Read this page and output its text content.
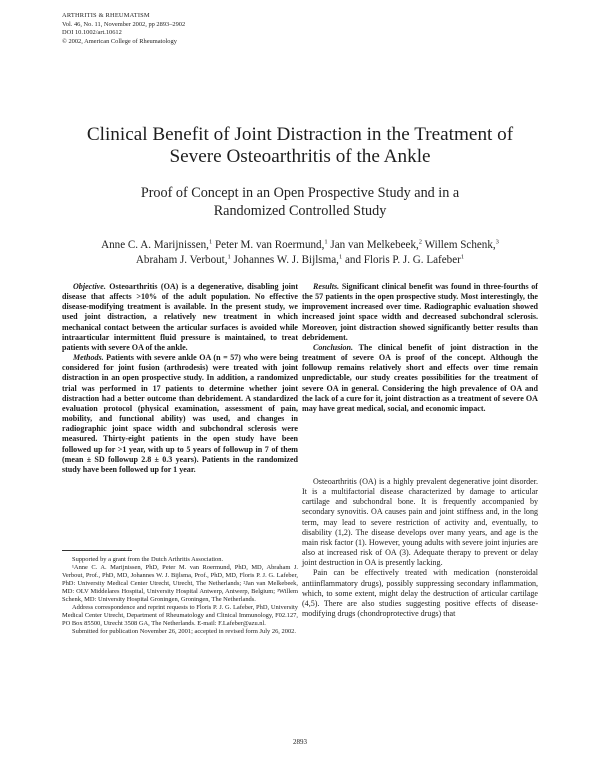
ARTHRITIS & RHEUMATISM
Vol. 46, No. 11, November 2002, pp 2893–2902
DOI 10.1002/art.10612
© 2002, American College of Rheumatology
Clinical Benefit of Joint Distraction in the Treatment of
Severe Osteoarthritis of the Ankle
Proof of Concept in an Open Prospective Study and in a
Randomized Controlled Study
Anne C. A. Marijnissen,$^1$ Peter M. van Roermund,$^1$ Jan van Melkebeek,$^2$ Willem Schenk,$^3$
Abraham J. Verbout,$^1$ Johannes W. J. Bijlsma,$^1$ and Floris P. J. G. Lafeber$^1$

Objective. Osteoarthritis (OA) is a degenerative, disabling joint disease that affects >10% of the adult population. No effective disease-modifying treatment is available. In the present study, we used joint distraction, a relatively new treatment in which mechanical contact between the articular surfaces is avoided while intraarticular intermittent fluid pressure is maintained, to treat patients with severe OA of the ankle.

Methods. Patients with severe ankle OA (n = 57) who were being considered for joint fusion (arthrodesis) were treated with joint distraction in an open prospective study. In addition, a randomized trial was performed in 17 patients to determine whether joint distraction had a better outcome than debridement. A standardized evaluation protocol (physical examination, assessment of pain, mobility, and functional ability) was used, and changes in radiographic joint space width and subchondral sclerosis were measured. Thirty-eight patients in the open study have been followed up for >1 year, with up to 5 years of followup in 7 of them (mean ± SD followup 2.8 ± 0.3 years). Patients in the randomized study have been followed up for 1 year.

Results. Significant clinical benefit was found in three-fourths of the 57 patients in the open prospective study. Most interestingly, the improvement increased over time. Radiographic evaluation showed increased joint space width and decreased subchondral sclerosis. Moreover, joint distraction showed significantly better results than debridement.

Conclusion. The clinical benefit of joint distraction in the treatment of severe OA is proof of the concept. Although the followup remains relatively short and effects over time remain unpredictable, our study creates possibilities for the treatment of severe OA in general. Considering the high prevalence of OA and the lack of a cure for it, joint distraction as a treatment of severe OA may have great medical, social, and economic impact.

Osteoarthritis (OA) is a highly prevalent degenerative joint disorder. It is a multifactorial disease characterized by damage to articular cartilage and subchondral bone. It is frequently accompanied by secondary synovitis. OA causes pain and joint stiffness and, in the long term, may lead to severe restriction of activity and, eventually, to disability (1,2). The disease develops over many years, and age is the main risk factor (1). However, young adults with severe joint injuries are also at increased risk of OA (3). Adequate therapy to prevent or delay joint destruction in OA is presently lacking.

Pain can be effectively treated with medication (nonsteroidal antiinflammatory drugs), possibly suppressing secondary inflammation, which, to some extent, might delay the destruction of articular cartilage (4,5). There are also studies suggesting positive effects of disease-modifying drugs (chondroprotective drugs) that

Supported by a grant from the Dutch Arthritis Association.

¹Anne C. A. Marijnissen, PhD, Peter M. van Roermund, PhD, MD, Abraham J. Verbout, Prof., PhD, MD, Johannes W. J. Bijlsma, Prof., PhD, MD, Floris P. J. G. Lafeber, PhD: University Medical Center Utrecht, Utrecht, The Netherlands; ²Jan van Melkebeek, MD: OLV Middelares Hospital, University Hospital Antwerp, Antwerp, Belgium; ³Willem Schenk, MD: University Hospital Groningen, Groningen, The Netherlands.

Address correspondence and reprint requests to Floris P. J. G. Lafeber, PhD, University Medical Center Utrecht, Department of Rheumatology and Clinical Immunology, F02.127, PO Box 85500, Utrecht 3508 GA, The Netherlands. E-mail: F.Lafeber@azu.nl.

Submitted for publication November 26, 2001; accepted in revised form July 26, 2002.

2893
